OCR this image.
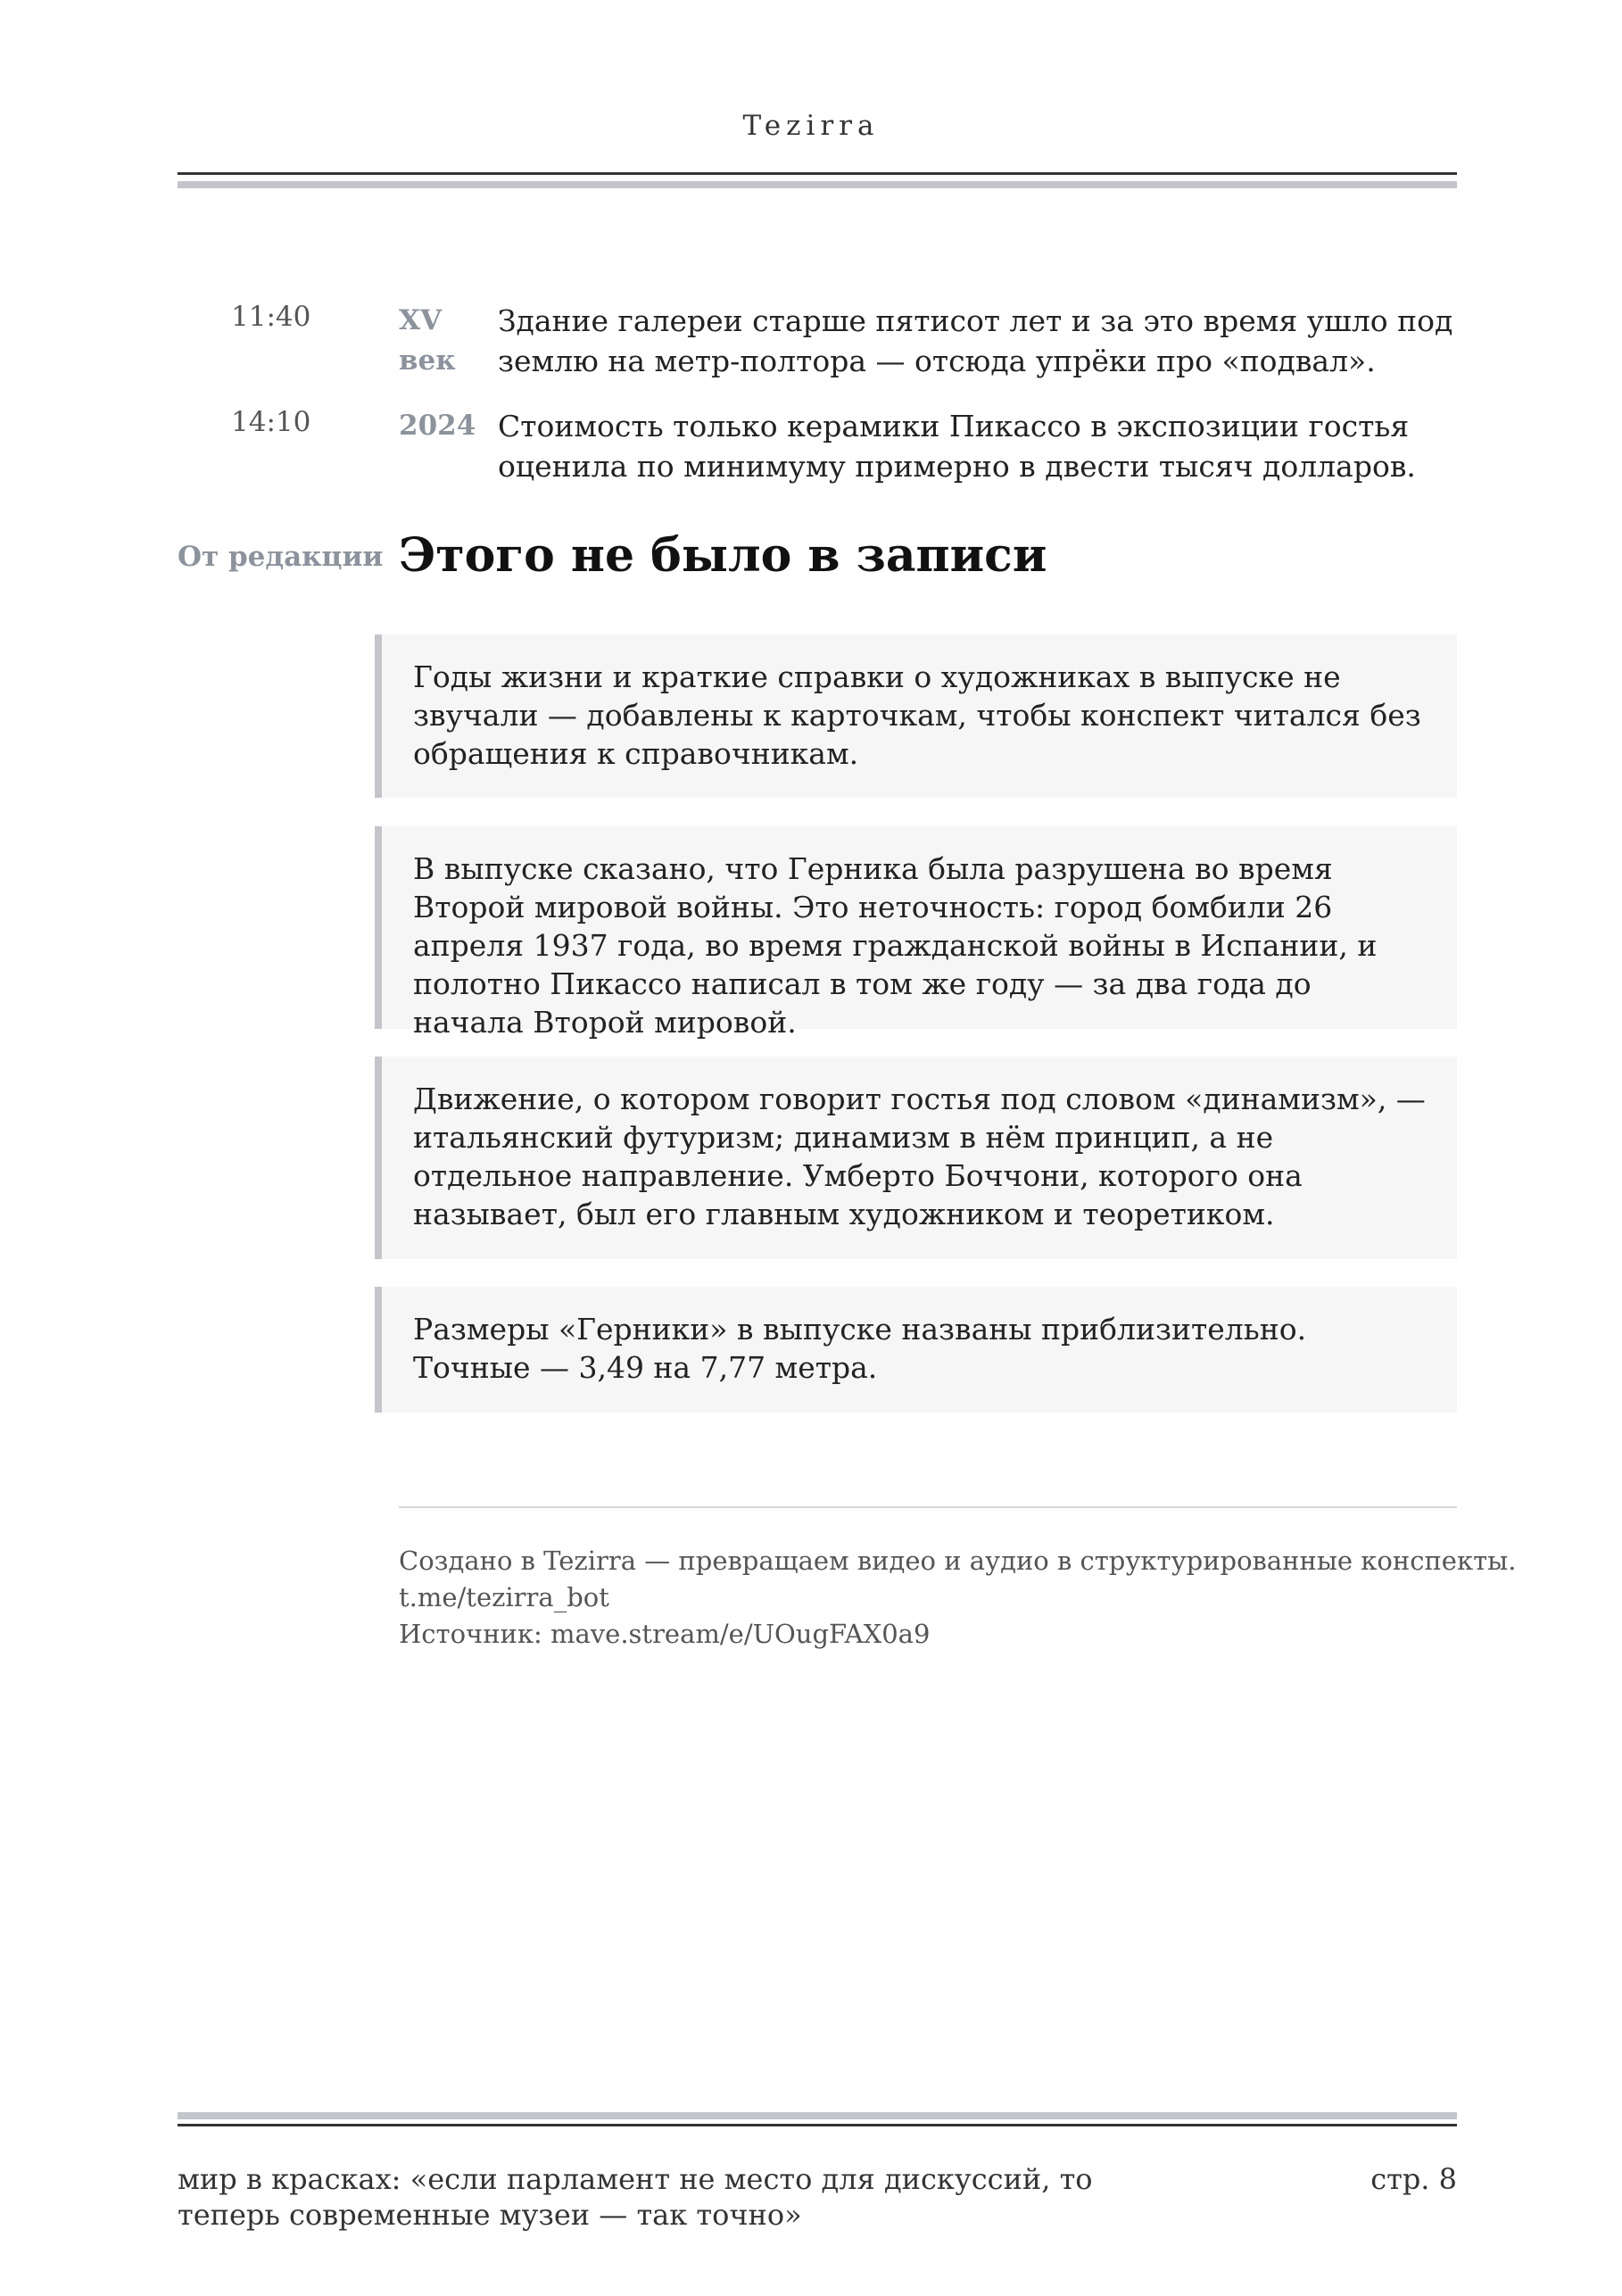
Tezirra
11:40	XV век
Здание галереи старше пятисот лет и за это время ушло под землю на метр-полтора — отсюда упрёки про «подвал».
14:10	2024 Стоимость только керамики Пикассо в экспозиции гостья оценила по минимуму примерно в двести тысяч долларов.
От редакции Этого не было в записи
Годы жизни и краткие справки о художниках в выпуске не звучали — добавлены к карточкам, чтобы конспект читался без обращения к справочникам.
В выпуске сказано, что Герника была разрушена во время Второй мировой войны. Это неточность: город бомбили 26 апреля 1937 года, во время гражданской войны в Испании, и полотно Пикассо написал в том же году — за два года до начала Второй мировой.
Движение, о котором говорит гостья под словом «динамизм», — итальянский футуризм; динамизм в нём принцип, а не отдельное направление. Умберто Боччони, которого она называет, был его главным художником и теоретиком.
Размеры «Герники» в выпуске названы приблизительно. Точные — 3,49 на 7,77 метра.
Создано в Tezirra — превращаем видео и аудио в структурированные конспекты.
t.me/tezirra_bot
Источник: mave.stream/e/UOugFAX0a9
мир в красках: «если парламент не место для дискуссий, то теперь современные музеи — так точно»
стр. 8
